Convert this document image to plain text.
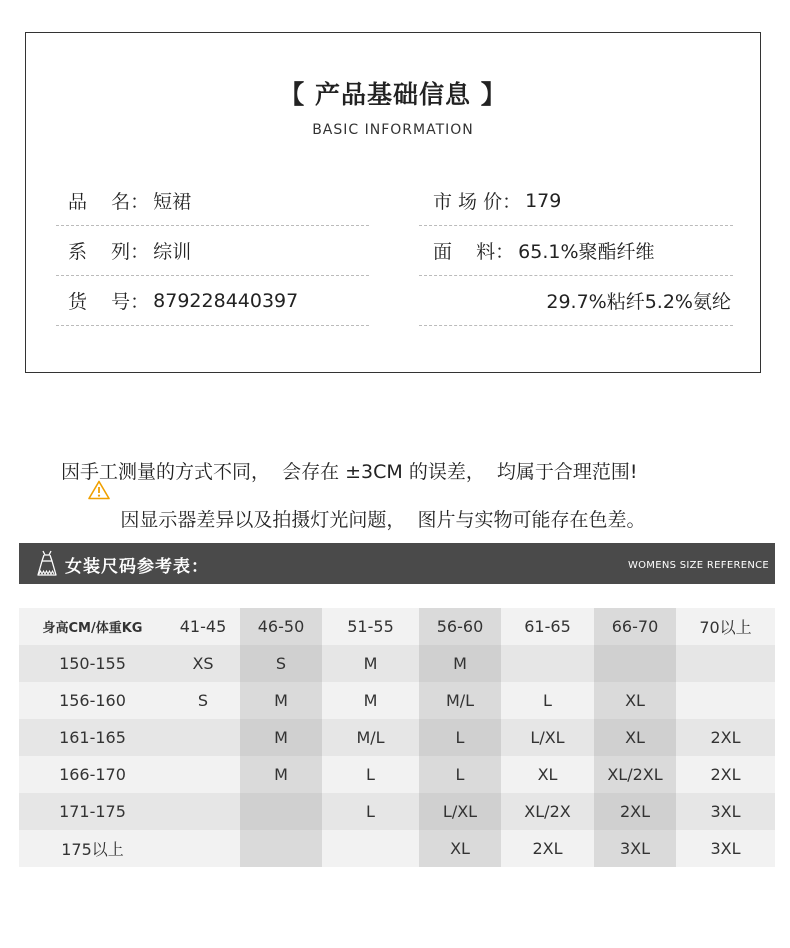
【 产品基础信息 】
BASIC INFORMATION
品    名： 短裙
系    列： 综训
货    号： 879228440397
市 场 价： 179
面    料： 65.1%聚酯纤维
29.7%粘纤5.2%氨纶

因显示器差异以及拍摄灯光问题，  图片与实物可能存在色差。

因手工测量的方式不同，  会存在 ±3CM 的误差，  均属于合理范围!
女装尺码参考表：	WOMENS SIZE REFERENCE
身高CM/体重KG	41-45	46-50	51-55	56-60	61-65	66-70	70以上
150-155	XS	S	M	M			
156-160	S	M	M	M/L	L	XL	
161-165		M	M/L	L	L/XL	XL	2XL
166-170		M	L	L	XL	XL/2XL	2XL
171-175			L	L/XL	XL/2X	2XL	3XL
175以上				XL	2XL	3XL	3XL
